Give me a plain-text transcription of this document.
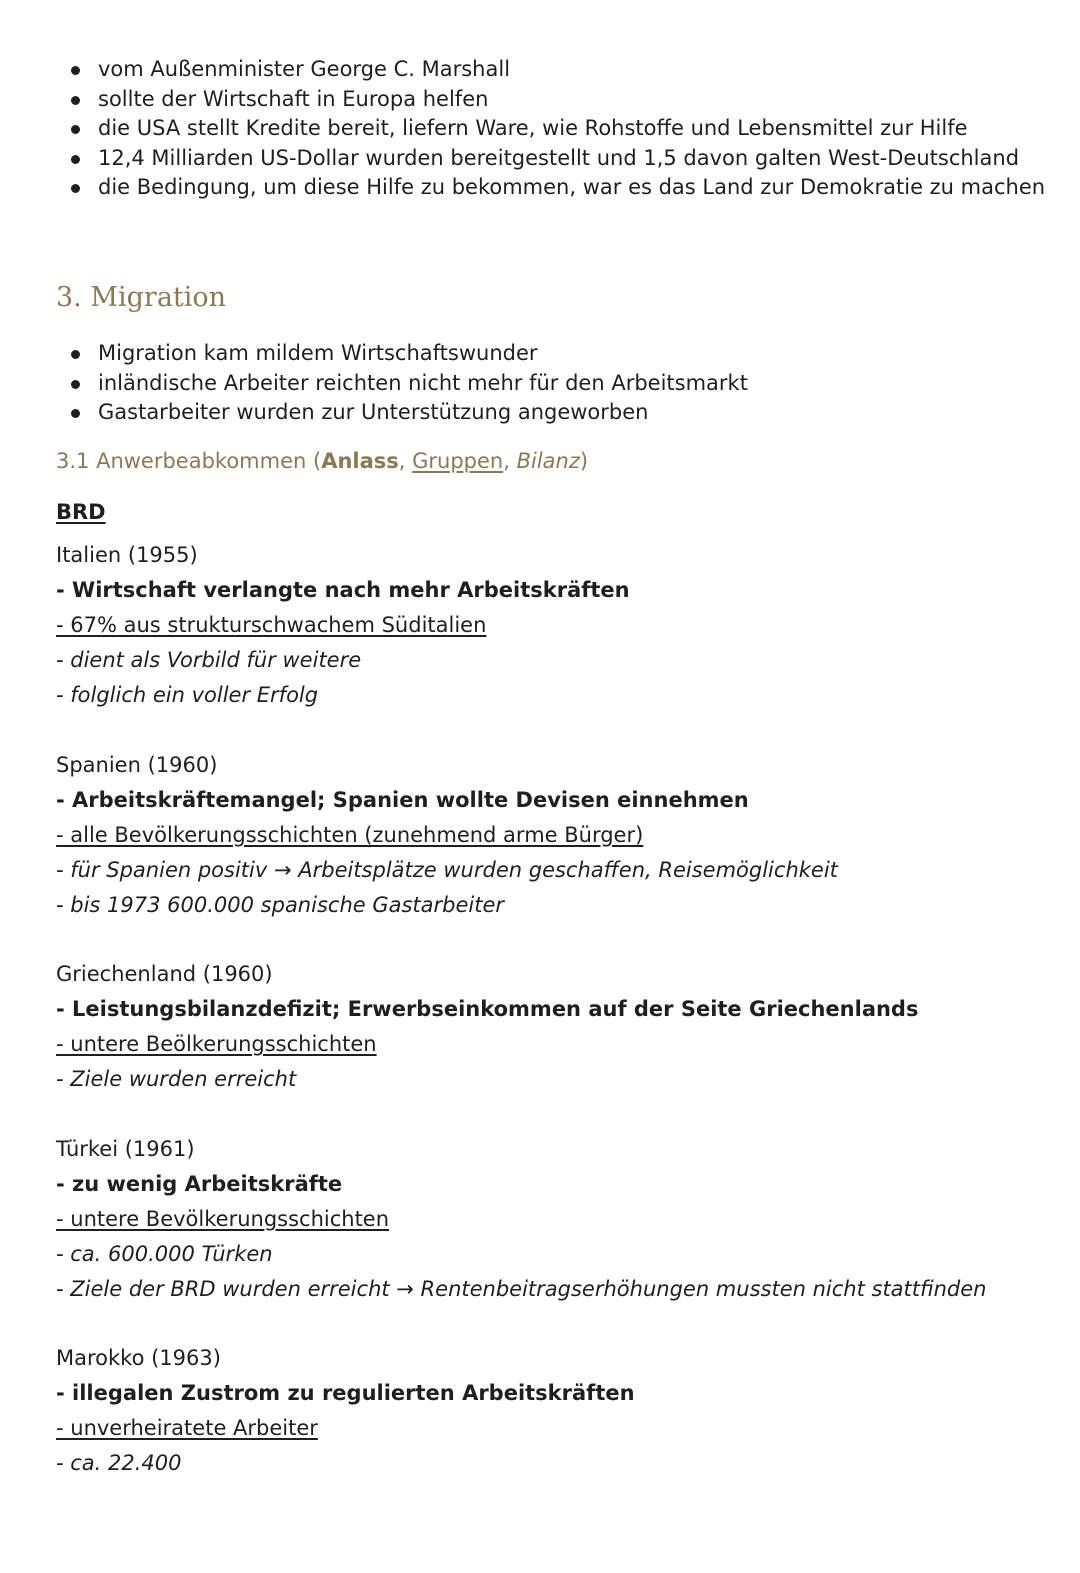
vom Außenminister George C. Marshall
sollte der Wirtschaft in Europa helfen
die USA stellt Kredite bereit, liefern Ware, wie Rohstoffe und Lebensmittel zur Hilfe
12,4 Milliarden US-Dollar wurden bereitgestellt und 1,5 davon galten West-Deutschland
die Bedingung, um diese Hilfe zu bekommen, war es das Land zur Demokratie zu machen
3. Migration
Migration kam mildem Wirtschaftswunder
inländische Arbeiter reichten nicht mehr für den Arbeitsmarkt
Gastarbeiter wurden zur Unterstützung angeworben
3.1 Anwerbeabkommen (Anlass, Gruppen, Bilanz)
BRD
Italien (1955)
- Wirtschaft verlangte nach mehr Arbeitskräften
- 67% aus strukturschwachem Süditalien
- dient als Vorbild für weitere
- folglich ein voller Erfolg
Spanien (1960)
- Arbeitskräftemangel; Spanien wollte Devisen einnehmen
- alle Bevölkerungsschichten (zunehmend arme Bürger)
- für Spanien positiv → Arbeitsplätze wurden geschaffen, Reisemöglichkeit
- bis 1973 600.000 spanische Gastarbeiter
Griechenland (1960)
- Leistungsbilanzdefizit; Erwerbseinkommen auf der Seite Griechenlands
- untere Beölkerungsschichten
- Ziele wurden erreicht
Türkei (1961)
- zu wenig Arbeitskräfte
- untere Bevölkerungsschichten
- ca. 600.000 Türken
- Ziele der BRD wurden erreicht → Rentenbeitragserhöhungen mussten nicht stattfinden
Marokko (1963)
- illegalen Zustrom zu regulierten Arbeitskräften
- unverheiratete Arbeiter
- ca. 22.400
